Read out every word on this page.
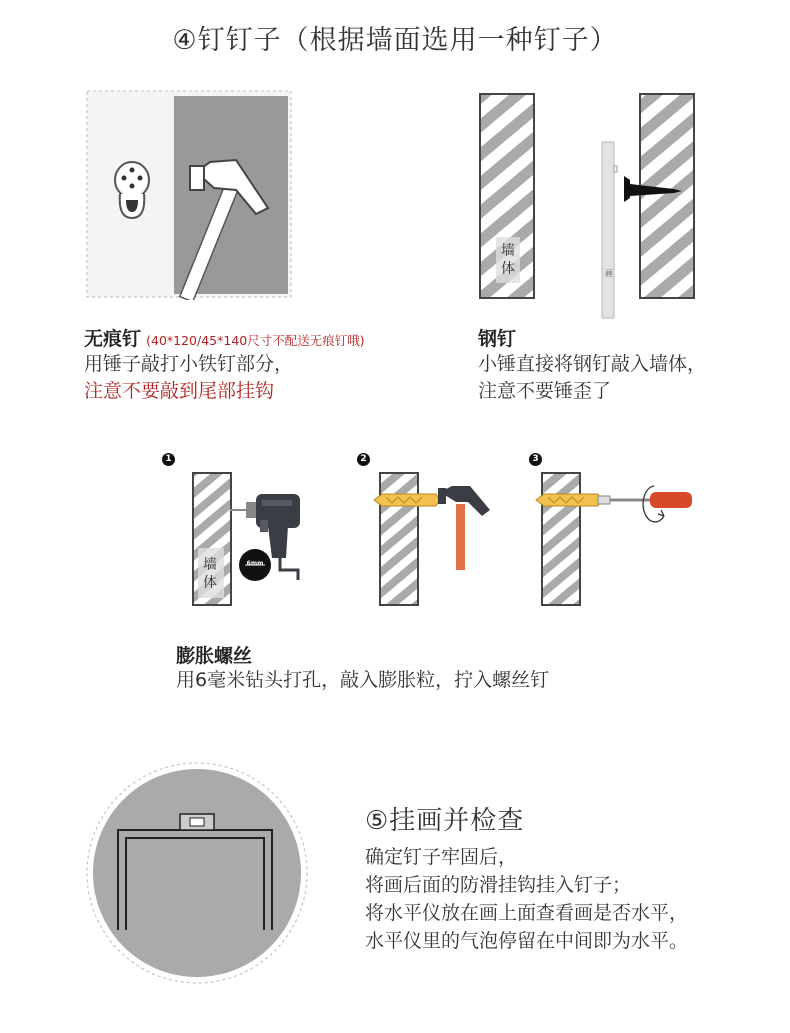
④钉钉子（根据墙面选用一种钉子）
无痕钉 (40*120/45*140尺寸不配送无痕钉哦)
用锤子敲打小铁钉部分，
注意不要敲到尾部挂钩
墙
体	画
钢钉
小锤直接将钢钉敲入墙体，
注意不要锤歪了
1	2	3
6mm
墙
体
膨胀螺丝
用6毫米钻头打孔，敲入膨胀粒，拧入螺丝钉
⑤挂画并检查
确定钉子牢固后，
将画后面的防滑挂钩挂入钉子；
将水平仪放在画上面查看画是否水平，
水平仪里的气泡停留在中间即为水平。
